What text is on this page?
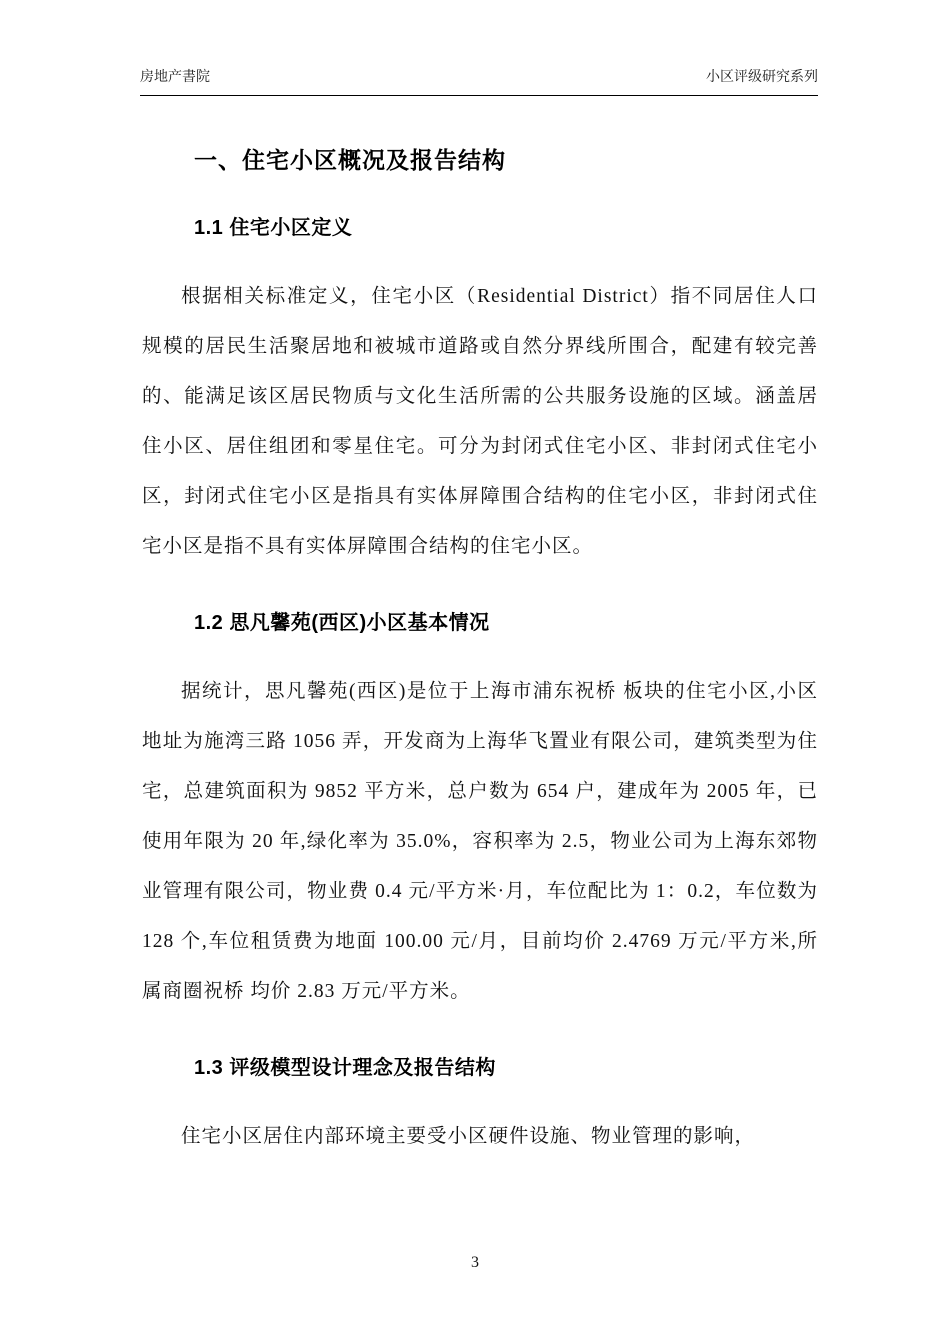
房地产書院	小区评级研究系列
一、住宅小区概况及报告结构
1.1 住宅小区定义

根据相关标准定义，住宅小区（Residential District）指不同居住人口规模的居民生活聚居地和被城市道路或自然分界线所围合，配建有较完善的、能满足该区居民物质与文化生活所需的公共服务设施的区域。涵盖居住小区、居住组团和零星住宅。可分为封闭式住宅小区、非封闭式住宅小区，封闭式住宅小区是指具有实体屏障围合结构的住宅小区，非封闭式住宅小区是指不具有实体屏障围合结构的住宅小区。

1.2 思凡馨苑(西区)小区基本情况

据统计，思凡馨苑(西区)是位于上海市浦东祝桥 板块的住宅小区,小区地址为施湾三路 1056 弄，开发商为上海华飞置业有限公司，建筑类型为住宅，总建筑面积为 9852 平方米，总户数为 654 户，建成年为 2005 年，已使用年限为 20 年,绿化率为 35.0%，容积率为 2.5，物业公司为上海东郊物业管理有限公司，物业费 0.4 元/平方米·月，车位配比为 1：0.2，车位数为 128 个,车位租赁费为地面 100.00 元/月，目前均价 2.4769 万元/平方米,所属商圈祝桥 均价 2.83 万元/平方米。

1.3 评级模型设计理念及报告结构

住宅小区居住内部环境主要受小区硬件设施、物业管理的影响，

3
